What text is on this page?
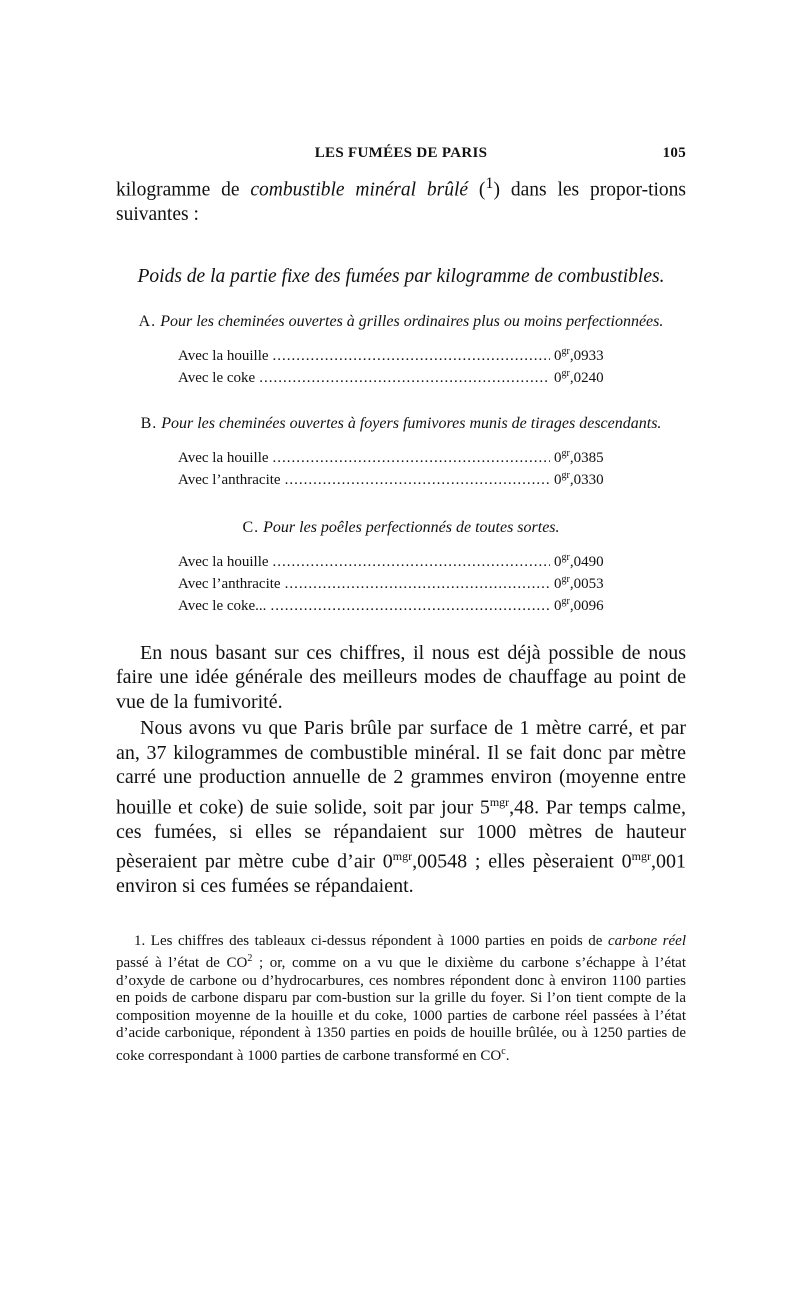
LES FUMÉES DE PARIS	105
kilogramme de combustible minéral brûlé ($^1$) dans les propor-tions suivantes :
Poids de la partie fixe des fumées par kilogramme de combustibles.
A. Pour les cheminées ouvertes à grilles ordinaires plus ou moins perfectionnées.
Avec la houille .....	$0^{gr},0933$
Avec le coke .....	$0^{gr},0240$
B. Pour les cheminées ouvertes à foyers fumivores munis de tirages descendants.
Avec la houille .....	$0^{gr},0385$
Avec l’anthracite .....	$0^{gr},0330$
C. Pour les poêles perfectionnés de toutes sortes.
Avec la houille .....	$0^{gr},0490$
Avec l’anthracite .....	$0^{gr},0053$
Avec le coke... .....	$0^{gr},0096$

En nous basant sur ces chiffres, il nous est déjà possible de nous faire une idée générale des meilleurs modes de chauffage au point de vue de la fumivorité.

Nous avons vu que Paris brûle par surface de 1 mètre carré, et par an, 37 kilogrammes de combustible minéral. Il se fait donc par mètre carré une production annuelle de 2 grammes environ (moyenne entre houille et coke) de suie solide, soit par jour $5^{mgr},48$. Par temps calme, ces fumées, si elles se répandaient sur 1000 mètres de hauteur pèseraient par mètre cube d’air $0^{mgr},00548$ ; elles pèseraient $0^{mgr},001$ environ si ces fumées se répandaient.

1. Les chiffres des tableaux ci-dessus répondent à 1000 parties en poids de carbone réel passé à l’état de $CO^2$ ; or, comme on a vu que le dixième du carbone s’échappe à l’état d’oxyde de carbone ou d’hydrocarbures, ces nombres répondent donc à environ 1100 parties en poids de carbone disparu par com-bustion sur la grille du foyer. Si l’on tient compte de la composition moyenne de la houille et du coke, 1000 parties de carbone réel passées à l’état d’acide carbonique, répondent à 1350 parties en poids de houille brûlée, ou à 1250 parties de coke correspondant à 1000 parties de carbone transformé en $CO^c$.
